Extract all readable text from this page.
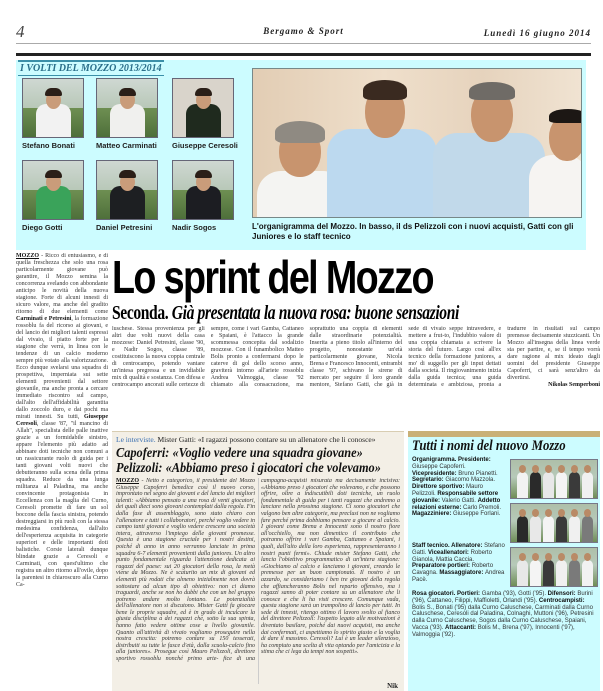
4	Bergamo & Sport	Lunedì 16 giugno 2014
I VOLTI DEL MOZZO 2013/2014
Stefano Bonati	Matteo Carminati Giuseppe Ceresoli
Diego Gotti	Daniel Petresini	Nadir Sogos	L'organigramma del Mozzo. In basso, il ds Pelizzoli con i nuovi acquisti, Gatti con gli Juniores e lo staff tecnico
MOZZO - Ricco di entusiasmo, e di quella freschezza che solo una rosa particolarmente giovane può garantire, il Mozzo semina la concorrenza svelando con abbondante anticipo le novità della nuova stagione. Forte di alcuni innesti di sicuro valore, ma anche del gradito ritorno di due elementi come Carminati e Petresini, la formazione rossoblu fa del ricorso ai giovani, e del lancio dei migliori talenti espressi dal vivaio, il piatto forte per la stagione che verrà, in linea con le tendenze di un calcio moderno sempre più votato alla valorizzazione. Ecco dunque svelarsi una squadra di prospettiva, imperniata sui sette elementi provenienti dal settore giovanile, ma anche pronta a cercare immediato riscontro sul campo, dall'alto dell'affidabilità garantita dallo zoccolo duro, e dai pochi ma mirati innesti. Su tutti, Giuseppe Ceresoli, classe '87, "il mancino di Allah", specialista delle palle inattive grazie a un formidabile sinistro, appare l'elemento più adatto ad abbinare doti tecniche non comuni a un rassicurante ruolo di guida per i tanti giovani volti nuovi che debutteranno sulla scena della prima squadra. Reduce da una lunga militanza al Paladina, ma anche convincente protagonista in Eccellenza con la maglia del Curno, Ceresoli promette di fare un sol boccone della fascia sinistra, potendo destreggiarsi in più ruoli con la stessa medesima confidenza, dall'alto dell'esperienza acquisita in categorie superiori e delle importanti doti balistiche. Corsie laterali dunque blindate grazie a Ceresoli e Carminati, con quest'ultimo che registra un altro ritorno all'ovile, dopo la parentesi in chiaroscuro alla Curno Ca-
Lo sprint del Mozzo
Seconda. Già presentata la nuova rosa: buone sensazioni
luschese. Stessa provenienza per gli altri due volti nuovi della casa mozzese: Daniel Petresini, classe '90, e Nadir Sogos, classe '89, costituiscono la nuova coppia centrale di centrocampo, potendo vantare un'intesa pregressa e un invidiabile mix di qualità e sostanza. Con difesa e centrocampo ancorati sulle certezze di sempre, come i vari Gamba, Cattaneo e Spaiani, è l'attacco la grande scommessa concepita dal sodalizio mozzese. Con il funambolico Matteo Bolis pronto a confermarsi dopo le caterve di gol dello scorso anno, graviterà intorno all'ariete rossoblu Andrea Valmoggia, classe '92 chiamato alla consacrazione, ma soprattutto una coppia di elementi dalle straordinarie potenzialità. Inserita a pieno titolo all'interno del progetto,	nonostante un'età particolarmente giovane, Nicola Brena e Francesco Innocenti, entrambi classe '97, schivano le sirene di mercato per seguire il loro grande mentore, Stefano Gatti, che già in sede di vivaio seppe intravedere, e mettere a frut-to, l'indubbio valore di una coppia chiamata a scrivere la storia del futuro. Largo così all'ex tecnico della formazione juniores, a mo' di suggello per gli input dettati dalla società. Il ringiovanimento inizia dalla guida tecnica; una guida determinata e ambiziosa, pronta a tradurre in risultati sul campo premesse decisamente stuzzicanti. Un Mozzo all'insegna della linea verde sta per partire, e, se il tempo vorrà dare ragione al mix ideato dagli uomini del presidente Giuseppe Capoferri, ci sarà senz'altro da divertirsi.
Nikolas Semperboni
Le interviste. Mister Gatti: «I ragazzi possono contare su un allenatore che li conosce»
Capoferri: «Voglio vedere una squadra giovane»
Pelizzoli: «Abbiamo preso i giocatori che volevamo»
MOZZO - Netto e categorico, il presidente del Mozzo Giuseppe Capoferri benedice così il nuovo corso, improntato nel segno dei giovani e del lancio dei migliori talenti: «Abbiamo pensato a una rosa di venti giocatori, dei quali dieci sono giovani contemplati dalla regola. Fin dalla fase di assemblaggio, sono stato chiaro con l'allenatore e tutti i collaboratori, perché voglio vedere in campo tanti giovani e voglio vedere crescere una società intera, attraverso l'impiego delle giovani promesse. Questa è una stagione cruciale per i nostri destini, poiché di anno in anno verranno lanciate in prima squadra 6-7 elementi provenienti dalla juniores. Un altro punto fondamentale riguarda l'attenzione dedicata ai ragazzi del paese: sui 20 giocatori della rosa, la metà viene da Mozzo. Ne è scaturito un mix di giovani ed elementi più rodati che almeno inizialmente non dovrà sottostare ad alcun tipo di obiettivo: non ci diamo traguardi, anche se non ho dubbi che con un bel gruppo potremo andare molto lontano. Le potenzialità dell'allenatore non si discutono. Mister Gatti fa giocare bene le proprie squadre, ed è in grado di inculcare la giusta disciplina a dei ragazzi che, sotto la sua spinta, hanno fatto vedere ottime cose a livello giovanile. Quanto all'attività di vivaio vogliamo proseguire nella nostra crescita: potremo contare su 150 tesserati, distribuiti su tutte le fasce d'età, dalla scuola-calcio fino alla juniores». Prosegue così Mauro Pelizzoli, direttore sportivo rossoblu nonché primo arte- fice di una campagna-acquisti misurata ma decisamente incisiva: «Abbiamo preso i giocatori che volevamo, e che possono offrire, oltre a indiscutibili doti tecniche, un ruolo fondamentale di guida per i tanti ragazzi che andremo a lanciare nella prossima stagione. Ci sono giocatori che valgono ben altre categorie, ma preclusi non ne vogliamo fare perché prima dobbiamo pensare a giocare al calcio. I giovani come Brena e Innocenti sono il nostro fiore all'occhiello, ma non dimentico il contributo che potranno offrire i vari Gamba, Cattaneo e Spaiani, i quali, dall'alto della loro esperienza, rappresenteranno i nostri punti fermi». Chiude mister Stefano Gatti, che lancia l'obiettivo programmatico di un'intera stagione: «Giochiamo al calcio e lanciamo i giovani, creando le premesse per un buon campionato. Il nostro è un azzardo, se consideriamo i ben tre giovani della regola che affiancheranno Bolis nel reparto offensivo, ma i ragazzi sanno di poter contare su un allenatore che li conosce e che li ha visti crescere. Comunque vada, questa stagione sarà un trampolino di lancio per tutti. In sede di innesti, ritengo ottimo il lavoro svolto al fianco del direttore Pelizzoli: l'aspetto legato alle motivazioni è diventato basilare, poiché dai nuovi acquisti, ma anche dai confermati, ci aspettiamo lo spirito giusto e la voglia di dare il massimo. Ceresoli? Lui è un leader silenzioso, ha compiuto una scelta di vita optando per l'amicizia e la stima che ci lega da tempi non sospetti».
Nik
Tutti i nomi del nuovo Mozzo
Organigramma. Presidente: Giuseppe Capoferri. Vicepresidente: Bruno Pianetti. Segretario: Giacomo Mazzola. Direttore sportivo: Mauro Pelizzoli. Responsabile settore giovanile: Valerio Gatti. Addetto relazioni esterne: Carlo Premoli. Magazziniere: Giuseppe Forlani.
Staff tecnico. Allenatore: Stefano Gatti. Viceallenatori: Roberto Gianola, Mattia Caccia. Preparatore portieri: Roberto Cavagna. Massaggiatore: Andrea Pacè.
Rosa giocatori. Portieri: Gamba ('93), Gotti ('95). Difensori: Burini ('96), Cattaneo, Filippi, Maffioletti, Orlandi ('95). Centrocampisti: Bolis S., Bonati ('95) dalla Curno Caluschese, Carminati dalla Curno Caluschese, Ceresoli dal Paladina, Colnaghi, Muttoni ('96), Petresini dalla Curno Caluschese, Sogos dalla Curno Caluschese, Spaiani, Vacca ('93). Attaccanti: Bolis M., Brena ('97), Innocenti ('97), Valmoggia ('92).
